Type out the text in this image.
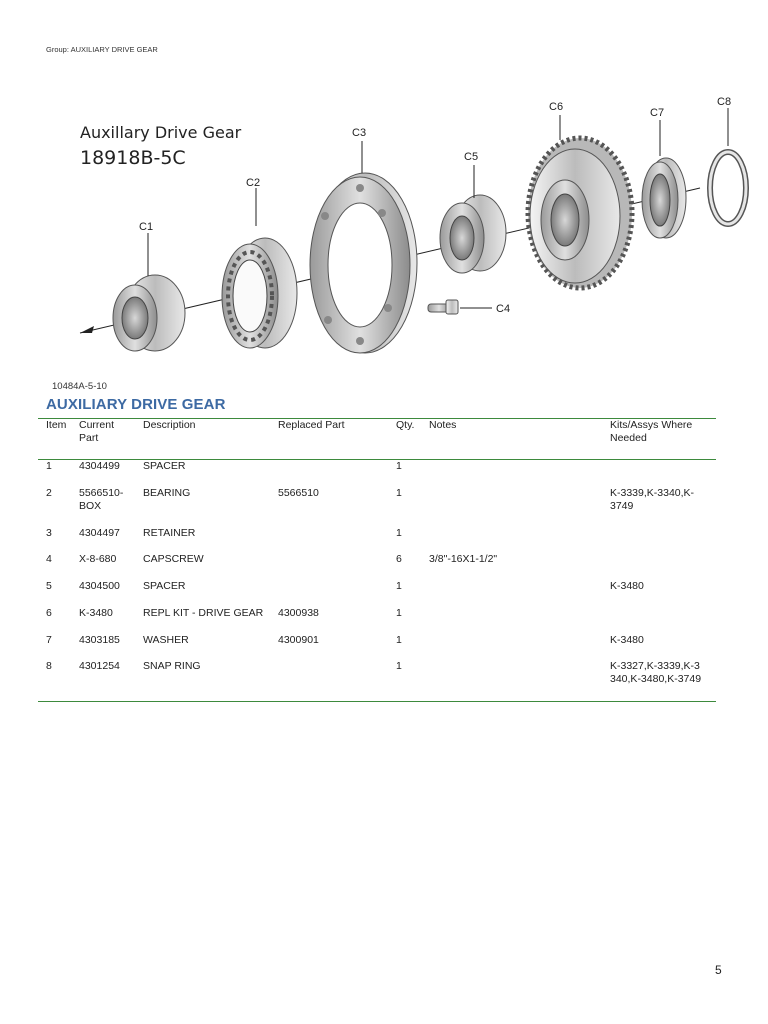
Group: AUXILIARY DRIVE GEAR
Auxillary Drive Gear
18918B-5C
C1
C2
C3
C4
C5
C6	C7
C8
10484A-5-10
AUXILIARY DRIVE GEAR
Item	Current Part
Description	Replaced Part	Qty.	Notes	Kits/Assys Where Needed
1	4304499	SPACER	1
2	5566510-BOX
BEARING	5566510	1	K-3339,K-3340,K-3749
3	4304497	RETAINER	1
4	X-8-680	CAPSCREW	6	3/8"-16X1-1/2"
5	4304500	SPACER	1	K-3480
6	K-3480	REPL KIT - DRIVE GEAR	4300938	1
7	4303185	WASHER	4300901	1	K-3480
8	4301254	SNAP RING	1	K-3327,K-3339,K-3340,K-3480,K-3749
5
